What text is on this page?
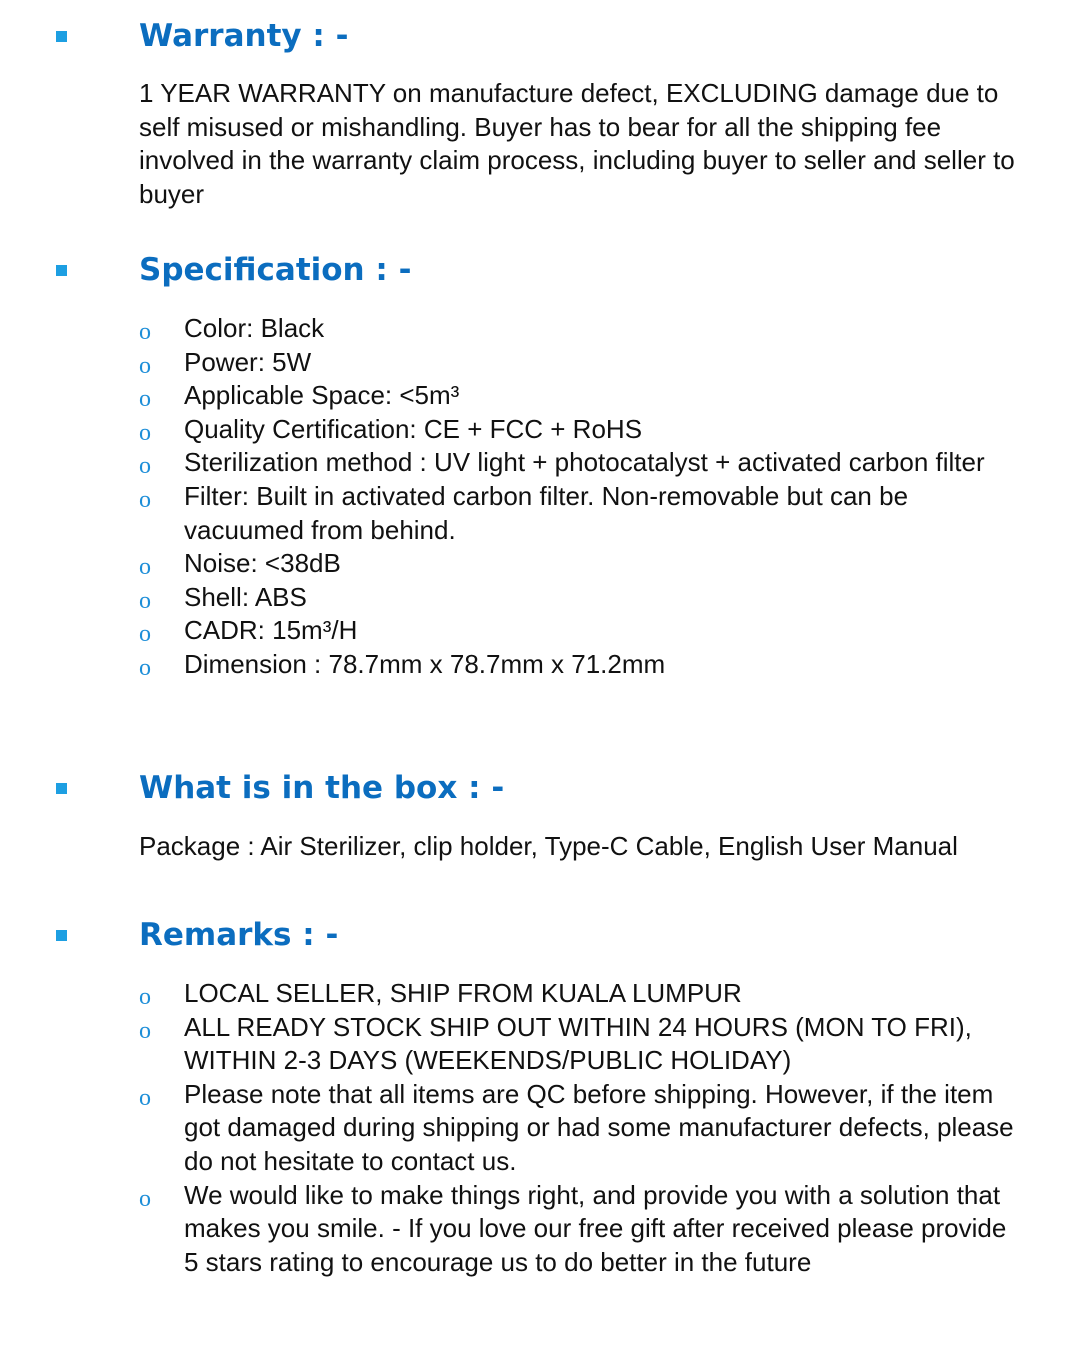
Warranty : -

1 YEAR WARRANTY on manufacture defect, EXCLUDING damage due to self misused or mishandling. Buyer has to bear for all the shipping fee involved in the warranty claim process, including buyer to seller and seller to buyer

Specification : -
o Color: Black
o Power: 5W
o Applicable Space: <5m³
o Quality Certification: CE + FCC + RoHS
o Sterilization method : UV light + photocatalyst + activated carbon filter
o Filter: Built in activated carbon filter. Non-removable but can be vacuumed from behind.
o Noise: <38dB
o Shell: ABS
o CADR: 15m³/H
o Dimension : 78.7mm x 78.7mm x 71.2mm
What is in the box : -

Package : Air Sterilizer, clip holder, Type-C Cable, English User Manual

Remarks : -
o LOCAL SELLER, SHIP FROM KUALA LUMPUR
o ALL READY STOCK SHIP OUT WITHIN 24 HOURS (MON TO FRI), WITHIN 2-3 DAYS (WEEKENDS/PUBLIC HOLIDAY)
o Please note that all items are QC before shipping. However, if the item got damaged during shipping or had some manufacturer defects, please do not hesitate to contact us.
o We would like to make things right, and provide you with a solution that makes you smile. - If you love our free gift after received please provide 5 stars rating to encourage us to do better in the future
